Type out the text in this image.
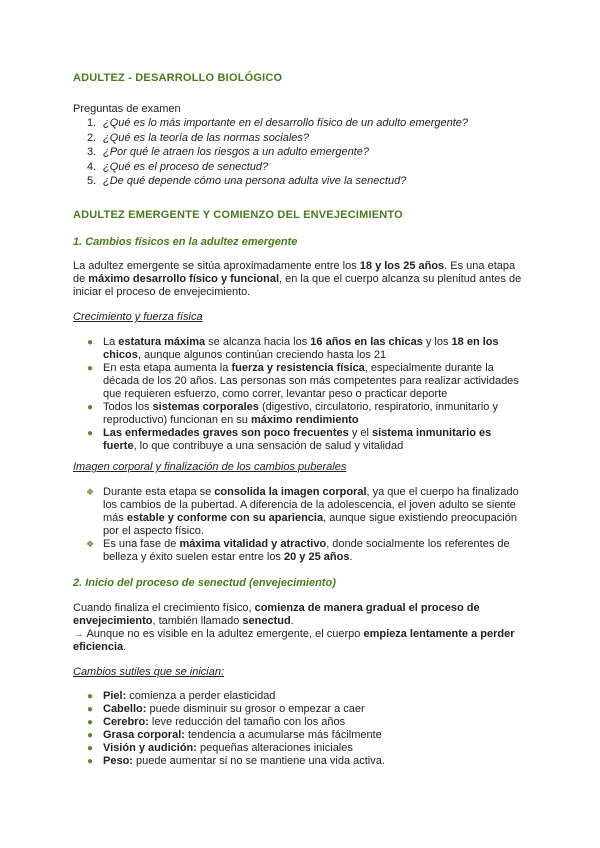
ADULTEZ - DESARROLLO BIOLÓGICO
Preguntas de examen
1. ¿Qué es lo más importante en el desarrollo físico de un adulto emergente?
2. ¿Qué es la teoría de las normas sociales?
3. ¿Por qué le atraen los riesgos a un adulto emergente?
4. ¿Qué es el proceso de senectud?
5. ¿De qué depende cómo una persona adulta vive la senectud?
ADULTEZ EMERGENTE Y COMIENZO DEL ENVEJECIMIENTO
1. Cambios físicos en la adultez emergente

La adultez emergente se sitúa aproximadamente entre los 18 y los 25 años. Es una etapa de máximo desarrollo físico y funcional, en la que el cuerpo alcanza su plenitud antes de iniciar el proceso de envejecimiento.

Crecimiento y fuerza física
● La estatura máxima se alcanza hacia los 16 años en las chicas y los 18 en los chicos, aunque algunos continúan creciendo hasta los 21
● En esta etapa aumenta la fuerza y resistencia física, especialmente durante la década de los 20 años. Las personas son más competentes para realizar actividades que requieren esfuerzo, como correr, levantar peso o practicar deporte
● Todos los sistemas corporales (digestivo, circulatorio, respiratorio, inmunitario y reproductivo) funcionan en su máximo rendimiento
● Las enfermedades graves son poco frecuentes y el sistema inmunitario es fuerte, lo que contribuye a una sensación de salud y vitalidad
Imagen corporal y finalización de los cambios puberales
❖ Durante esta etapa se consolida la imagen corporal, ya que el cuerpo ha finalizado los cambios de la pubertad. A diferencia de la adolescencia, el joven adulto se siente más estable y conforme con su apariencia, aunque sigue existiendo preocupación por el aspecto físico.
❖ Es una fase de máxima vitalidad y atractivo, donde socialmente los referentes de belleza y éxito suelen estar entre los 20 y 25 años.
2. Inicio del proceso de senectud (envejecimiento)

Cuando finaliza el crecimiento físico, comienza de manera gradual el proceso de envejecimiento, también llamado senectud.

→ Aunque no es visible en la adultez emergente, el cuerpo empieza lentamente a perder eficiencia.

Cambios sutiles que se inician:
● Piel: comienza a perder elasticidad
● Cabello: puede disminuir su grosor o empezar a caer
● Cerebro: leve reducción del tamaño con los años
● Grasa corporal: tendencia a acumularse más fácilmente
● Visión y audición: pequeñas alteraciones iniciales
● Peso: puede aumentar si no se mantiene una vida activa.
